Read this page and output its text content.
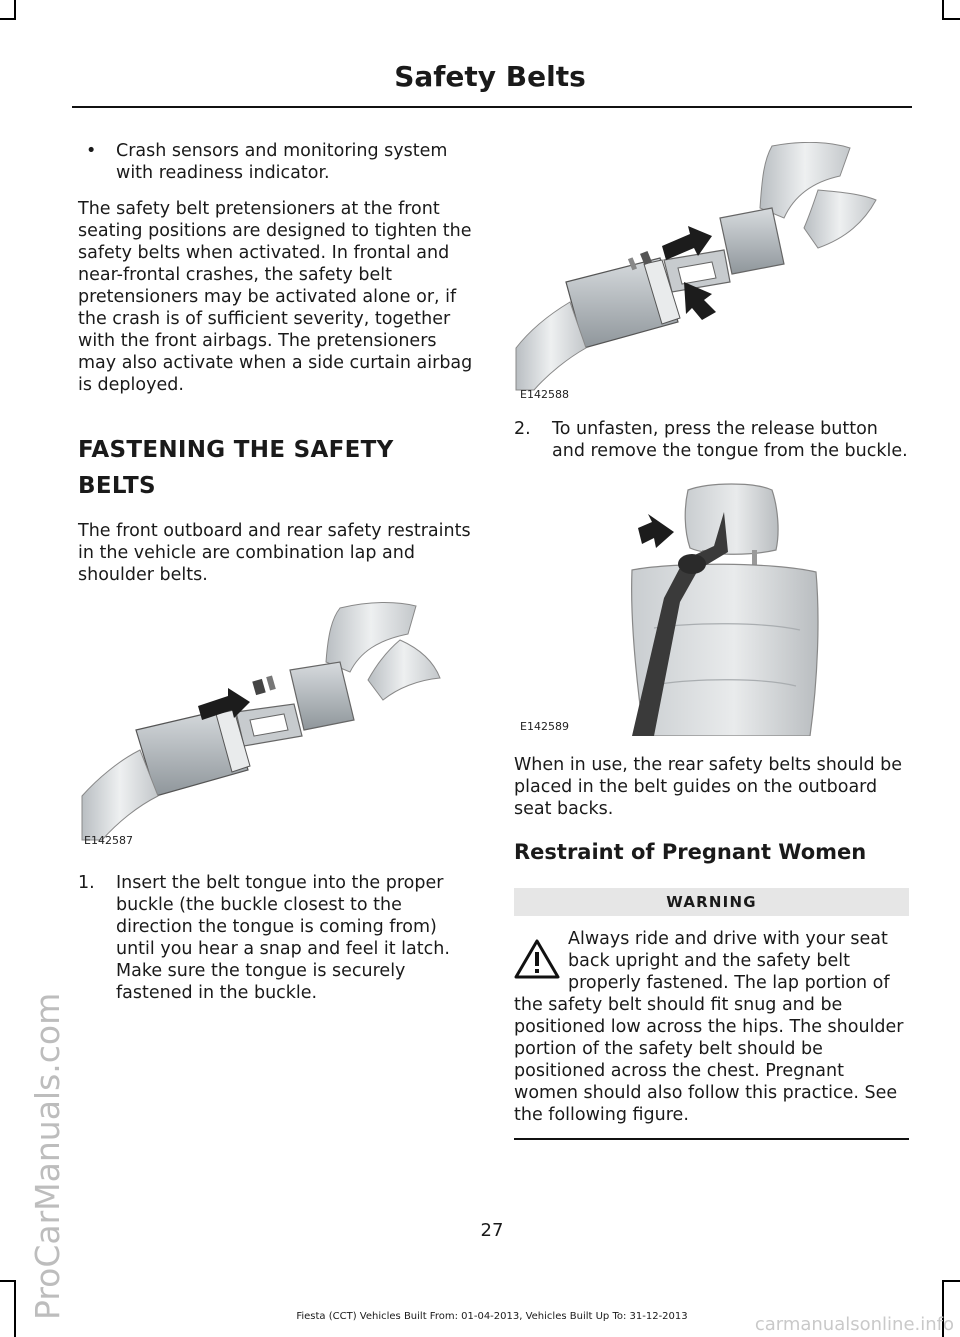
Safety Belts
ProCarManuals.com

• Crash sensors and monitoring system with readiness indicator.

The safety belt pretensioners at the front seating positions are designed to tighten the safety belts when activated. In frontal and near-frontal crashes, the safety belt pretensioners may be activated alone or, if the crash is of sufficient severity, together with the front airbags. The pretensioners may also activate when a side curtain airbag is deployed.

FASTENING THE SAFETY
BELTS

The front outboard and rear safety restraints in the vehicle are combination lap and shoulder belts.

E142587

1. Insert the belt tongue into the proper buckle (the buckle closest to the direction the tongue is coming from) until you hear a snap and feel it latch. Make sure the tongue is securely fastened in the buckle.

E142588

2. To unfasten, press the release button and remove the tongue from the buckle.

E142589

When in use, the rear safety belts should be placed in the belt guides on the outboard seat backs.

Restraint of Pregnant Women
WARNING

Always ride and drive with your seat

back upright and the safety belt

properly fastened. The lap portion of

the safety belt should fit snug and be positioned low across the hips. The shoulder portion of the safety belt should be positioned across the chest. Pregnant women should also follow this practice. See the following figure.

27
Fiesta (CCT) Vehicles Built From: 01-04-2013, Vehicles Built Up To: 31-12-2013	carmanualsonline.info
